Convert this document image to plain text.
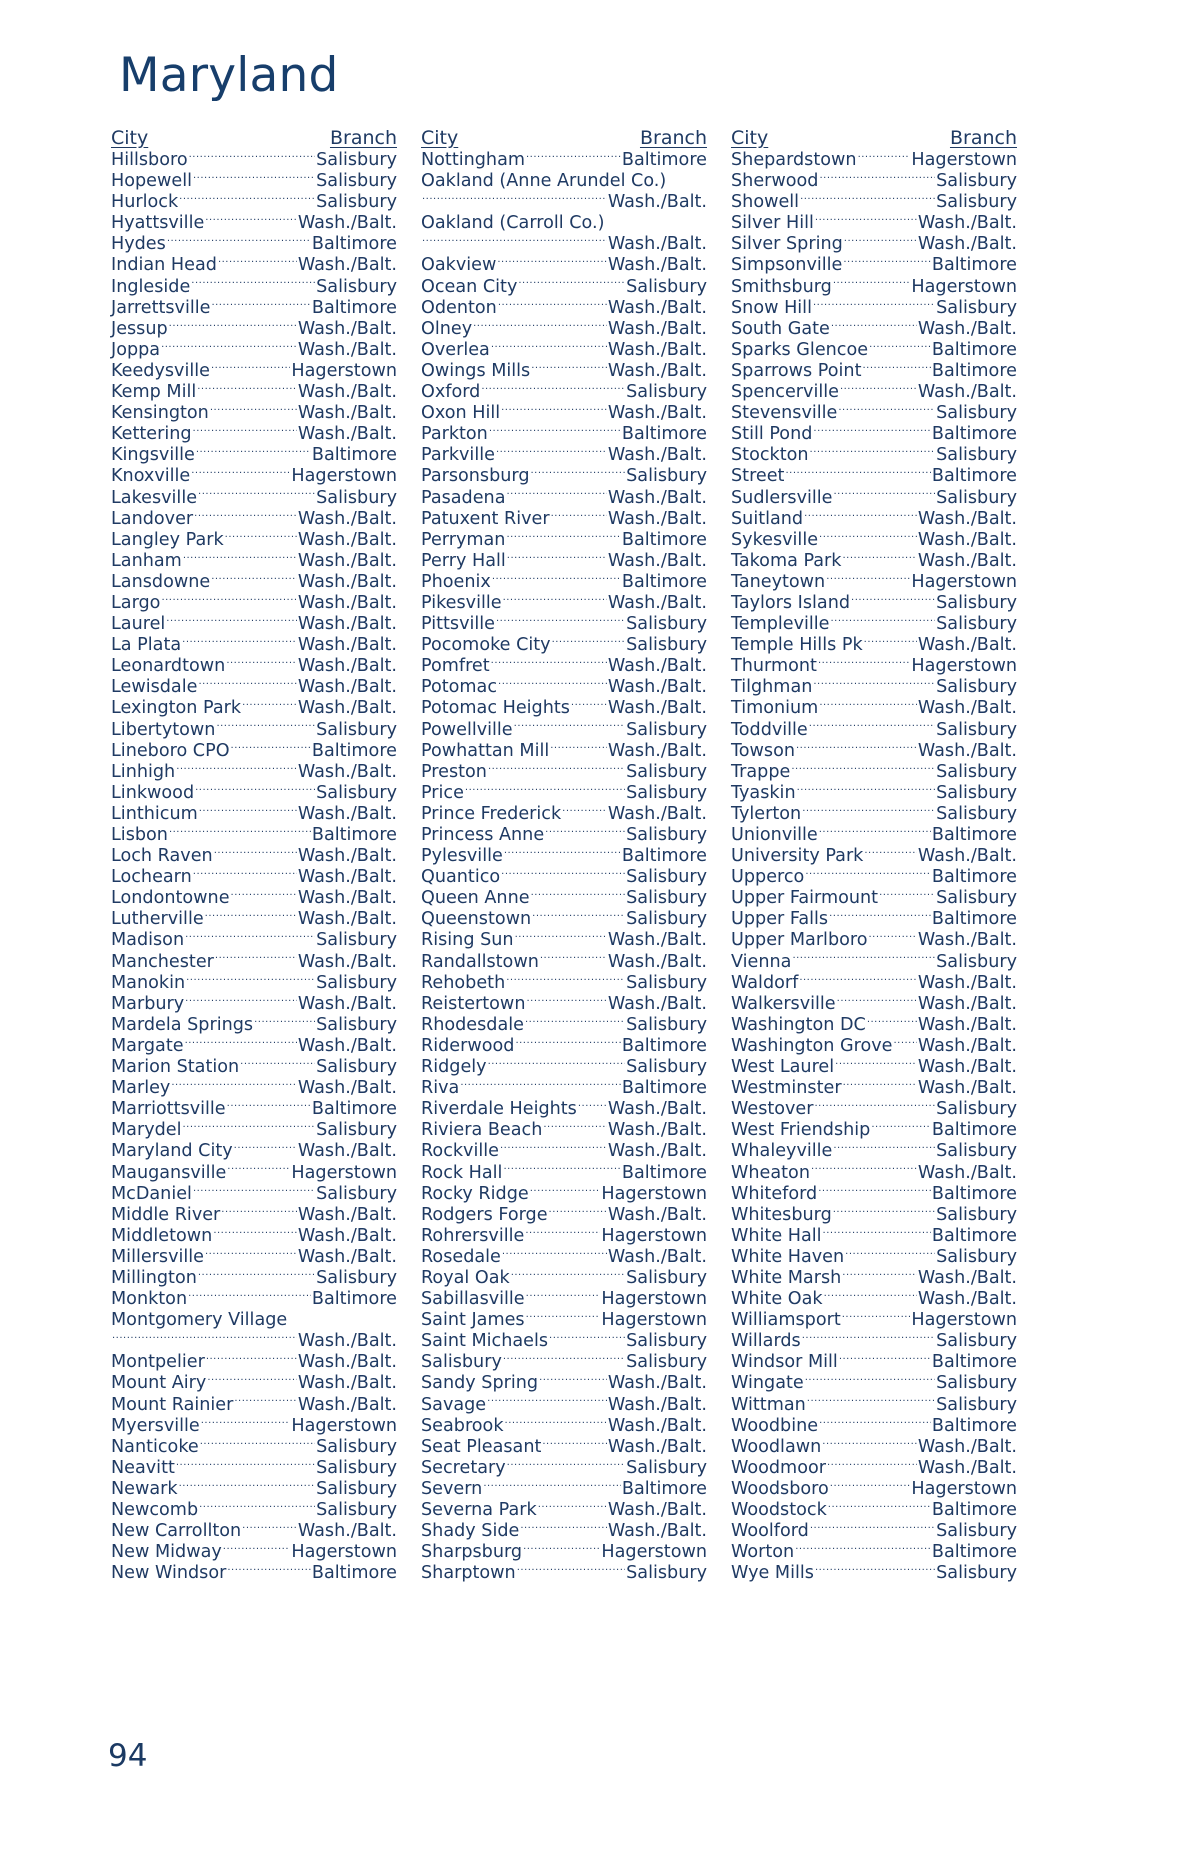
Maryland
City	Branch
Hillsboro .....	Salisbury
Hopewell .....	Salisbury
Hurlock .....	Salisbury
Hyattsville .....	Wash./Balt.
Hydes .....	Baltimore
Indian Head .....	Wash./Balt.
Ingleside .....	Salisbury
Jarrettsville .....	Baltimore
Jessup .....	Wash./Balt.
Joppa .....	Wash./Balt.
Keedysville .....	Hagerstown
Kemp Mill .....	Wash./Balt.
Kensington .....	Wash./Balt.
Kettering .....	Wash./Balt.
Kingsville .....	Baltimore
Knoxville .....	Hagerstown
Lakesville .....	Salisbury
Landover .....	Wash./Balt.
Langley Park .....	Wash./Balt.
Lanham .....	Wash./Balt.
Lansdowne .....	Wash./Balt.
Largo .....	Wash./Balt.
Laurel .....	Wash./Balt.
La Plata .....	Wash./Balt.
Leonardtown .....	Wash./Balt.
Lewisdale .....	Wash./Balt.
Lexington Park .....	Wash./Balt.
Libertytown .....	Salisbury
Lineboro CPO .....	Baltimore
Linhigh .....	Wash./Balt.
Linkwood .....	Salisbury
Linthicum .....	Wash./Balt.
Lisbon .....	Baltimore
Loch Raven .....	Wash./Balt.
Lochearn .....	Wash./Balt.
Londontowne .....	Wash./Balt.
Lutherville .....	Wash./Balt.
Madison .....	Salisbury
Manchester .....	Wash./Balt.
Manokin .....	Salisbury
Marbury .....	Wash./Balt.
Mardela Springs .....	Salisbury
Margate .....	Wash./Balt.
Marion Station .....	Salisbury
Marley .....	Wash./Balt.
Marriottsville .....	Baltimore
Marydel .....	Salisbury
Maryland City .....	Wash./Balt.
Maugansville .....	Hagerstown
McDaniel .....	Salisbury
Middle River .....	Wash./Balt.
Middletown .....	Wash./Balt.
Millersville .....	Wash./Balt.
Millington .....	Salisbury
Monkton .....	Baltimore
Montgomery Village
.....
Wash./Balt.
Montpelier .....	Wash./Balt.
Mount Airy .....	Wash./Balt.
Mount Rainier .....	Wash./Balt.
Myersville .....	Hagerstown
Nanticoke .....	Salisbury
Neavitt .....	Salisbury
Newark .....	Salisbury
Newcomb .....	Salisbury
New Carrollton .....	Wash./Balt.
New Midway .....	Hagerstown
New Windsor .....	Baltimore
City	Branch
Nottingham .....	Baltimore
Oakland (Anne Arundel Co.)
.....
Wash./Balt.
Oakland (Carroll Co.)
.....
Wash./Balt.
Oakview .....	Wash./Balt.
Ocean City .....	Salisbury
Odenton .....	Wash./Balt.
Olney .....	Wash./Balt.
Overlea .....	Wash./Balt.
Owings Mills .....	Wash./Balt.
Oxford .....	Salisbury
Oxon Hill .....	Wash./Balt.
Parkton .....	Baltimore
Parkville .....	Wash./Balt.
Parsonsburg .....	Salisbury
Pasadena .....	Wash./Balt.
Patuxent River .....	Wash./Balt.
Perryman .....	Baltimore
Perry Hall .....	Wash./Balt.
Phoenix .....	Baltimore
Pikesville .....	Wash./Balt.
Pittsville .....	Salisbury
Pocomoke City .....	Salisbury
Pomfret .....	Wash./Balt.
Potomac .....	Wash./Balt.
Potomac Heights ..... Wash./Balt.
Powellville .....	Salisbury
Powhattan Mill .....	Wash./Balt.
Preston .....	Salisbury
Price .....	Salisbury
Prince Frederick .....	Wash./Balt.
Princess Anne .....	Salisbury
Pylesville .....	Baltimore
Quantico .....	Salisbury
Queen Anne .....	Salisbury
Queenstown .....	Salisbury
Rising Sun .....	Wash./Balt.
Randallstown .....	Wash./Balt.
Rehobeth .....	Salisbury
Reistertown .....	Wash./Balt.
Rhodesdale .....	Salisbury
Riderwood .....	Baltimore
Ridgely .....	Salisbury
Riva .....	Baltimore
Riverdale Heights ..... Wash./Balt.
Riviera Beach .....	Wash./Balt.
Rockville .....	Wash./Balt.
Rock Hall .....	Baltimore
Rocky Ridge .....	Hagerstown
Rodgers Forge .....	Wash./Balt.
Rohrersville .....	Hagerstown
Rosedale .....	Wash./Balt.
Royal Oak .....	Salisbury
Sabillasville .....	Hagerstown
Saint James .....	Hagerstown
Saint Michaels .....	Salisbury
Salisbury .....	Salisbury
Sandy Spring .....	Wash./Balt.
Savage .....	Wash./Balt.
Seabrook .....	Wash./Balt.
Seat Pleasant .....	Wash./Balt.
Secretary .....	Salisbury
Severn .....	Baltimore
Severna Park .....	Wash./Balt.
Shady Side .....	Wash./Balt.
Sharpsburg .....	Hagerstown
Sharptown .....	Salisbury
City	Branch
Shepardstown .....	Hagerstown
Sherwood .....	Salisbury
Showell .....	Salisbury
Silver Hill .....	Wash./Balt.
Silver Spring .....	Wash./Balt.
Simpsonville .....	Baltimore
Smithsburg .....	Hagerstown
Snow Hill .....	Salisbury
South Gate .....	Wash./Balt.
Sparks Glencoe .....	Baltimore
Sparrows Point .....	Baltimore
Spencerville .....	Wash./Balt.
Stevensville .....	Salisbury
Still Pond .....	Baltimore
Stockton .....	Salisbury
Street .....	Baltimore
Sudlersville .....	Salisbury
Suitland .....	Wash./Balt.
Sykesville .....	Wash./Balt.
Takoma Park .....	Wash./Balt.
Taneytown .....	Hagerstown
Taylors Island .....	Salisbury
Templeville .....	Salisbury
Temple Hills Pk .....	Wash./Balt.
Thurmont .....	Hagerstown
Tilghman .....	Salisbury
Timonium .....	Wash./Balt.
Toddville .....	Salisbury
Towson .....	Wash./Balt.
Trappe .....	Salisbury
Tyaskin .....	Salisbury
Tylerton .....	Salisbury
Unionville .....	Baltimore
University Park .....	Wash./Balt.
Upperco .....	Baltimore
Upper Fairmount .....	Salisbury
Upper Falls .....	Baltimore
Upper Marlboro .....	Wash./Balt.
Vienna .....	Salisbury
Waldorf .....	Wash./Balt.
Walkersville .....	Wash./Balt.
Washington DC .....	Wash./Balt.
Washington Grove ..... Wash./Balt.
West Laurel .....	Wash./Balt.
Westminster .....	Wash./Balt.
Westover .....	Salisbury
West Friendship .....	Baltimore
Whaleyville .....	Salisbury
Wheaton .....	Wash./Balt.
Whiteford .....	Baltimore
Whitesburg .....	Salisbury
White Hall .....	Baltimore
White Haven .....	Salisbury
White Marsh .....	Wash./Balt.
White Oak .....	Wash./Balt.
Williamsport .....	Hagerstown
Willards .....	Salisbury
Windsor Mill .....	Baltimore
Wingate .....	Salisbury
Wittman .....	Salisbury
Woodbine .....	Baltimore
Woodlawn .....	Wash./Balt.
Woodmoor .....	Wash./Balt.
Woodsboro .....	Hagerstown
Woodstock .....	Baltimore
Woolford .....	Salisbury
Worton .....	Baltimore
Wye Mills .....	Salisbury
94
